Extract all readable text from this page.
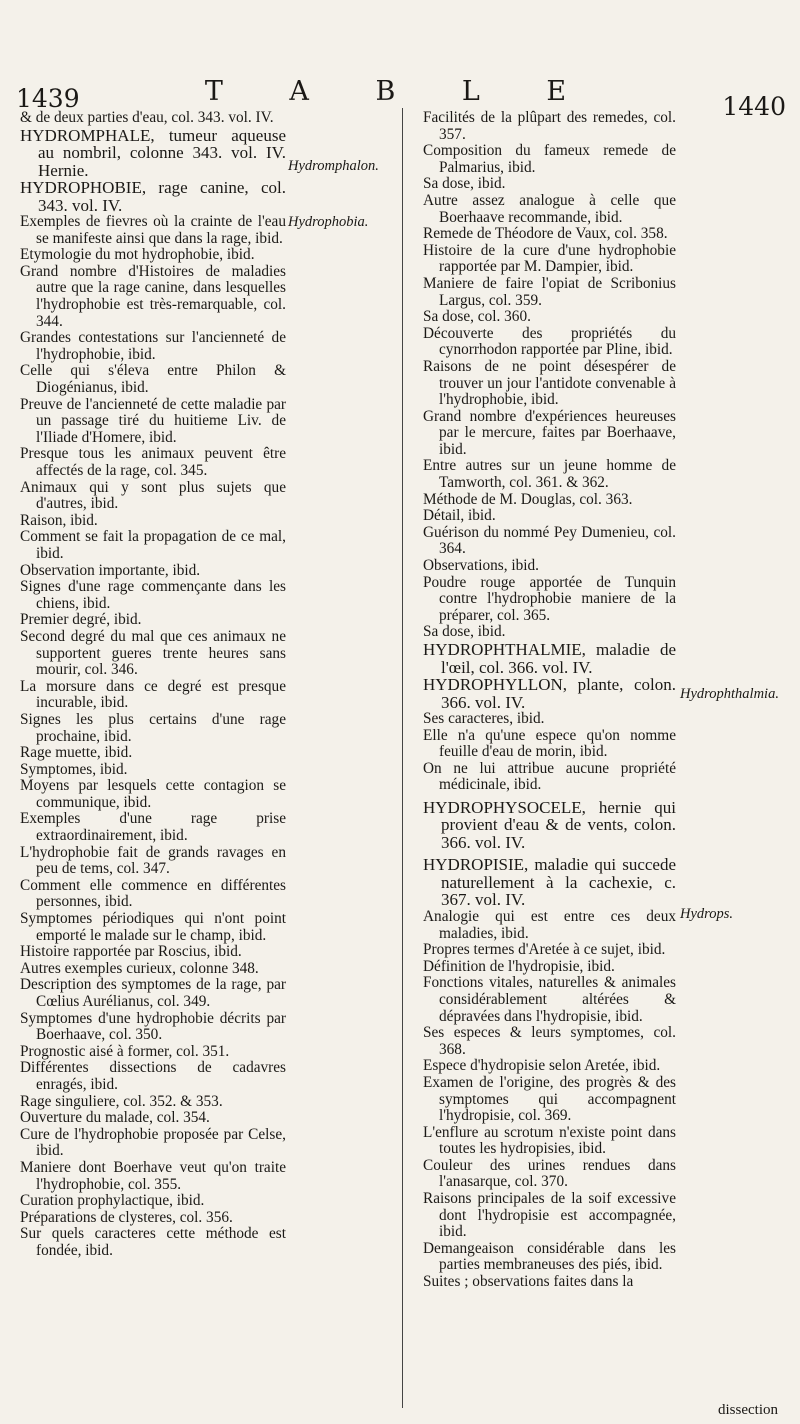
1439	T A B L E	1440

& de deux parties d'eau, col. 343. vol. IV.

HYDROMPHALE, tumeur aqueuse au nombril, colonne 343. vol. IV. Hernie.

HYDROPHOBIE, rage canine, col. 343. vol. IV.

Exemples de fievres où la crainte de l'eau se manifeste ainsi que dans la rage, ibid.

Etymologie du mot hydrophobie, ibid.

Grand nombre d'Histoires de maladies autre que la rage canine, dans lesquelles l'hydrophobie est très-remarquable, col. 344.

Grandes contestations sur l'ancienneté de l'hydrophobie, ibid.

Celle qui s'éleva entre Philon & Diogénianus, ibid.

Preuve de l'ancienneté de cette maladie par un passage tiré du huitieme Liv. de l'Iliade d'Homere, ibid.

Presque tous les animaux peuvent être affectés de la rage, col. 345.

Animaux qui y sont plus sujets que d'autres, ibid.

Raison, ibid.

Comment se fait la propagation de ce mal, ibid.

Observation importante, ibid.

Signes d'une rage commençante dans les chiens, ibid.

Premier degré, ibid.

Second degré du mal que ces animaux ne supportent gueres trente heures sans mourir, col. 346.

La morsure dans ce degré est presque incurable, ibid.

Signes les plus certains d'une rage prochaine, ibid.

Rage muette, ibid.

Symptomes, ibid.

Moyens par lesquels cette contagion se communique, ibid.

Exemples d'une rage prise extraordinairement, ibid.

L'hydrophobie fait de grands ravages en peu de tems, col. 347.

Comment elle commence en différentes personnes, ibid.

Symptomes périodiques qui n'ont point emporté le malade sur le champ, ibid.

Histoire rapportée par Roscius, ibid.

Autres exemples curieux, colonne 348.

Description des symptomes de la rage, par Cœlius Aurélianus, col. 349.

Symptomes d'une hydrophobie décrits par Boerhaave, col. 350.

Prognostic aisé à former, col. 351.

Différentes dissections de cadavres enragés, ibid.

Rage singuliere, col. 352. & 353.

Ouverture du malade, col. 354.

Cure de l'hydrophobie proposée par Celse, ibid.

Maniere dont Boerhave veut qu'on traite l'hydrophobie, col. 355.

Curation prophylactique, ibid.

Préparations de clysteres, col. 356.

Sur quels caracteres cette méthode est fondée, ibid.

Facilités de la plûpart des remedes, col. 357.

Composition du fameux remede de Palmarius, ibid.

Sa dose, ibid.

Autre assez analogue à celle que Boerhaave recommande, ibid.

Remede de Théodore de Vaux, col. 358.

Histoire de la cure d'une hydrophobie rapportée par M. Dampier, ibid.

Maniere de faire l'opiat de Scribonius Largus, col. 359.

Sa dose, col. 360.

Découverte des propriétés du cynorrhodon rapportée par Pline, ibid.

Raisons de ne point désespérer de trouver un jour l'antidote convenable à l'hydrophobie, ibid.

Grand nombre d'expériences heureuses par le mercure, faites par Boerhaave, ibid.

Entre autres sur un jeune homme de Tamworth, col. 361. & 362.

Méthode de M. Douglas, col. 363.

Détail, ibid.

Guérison du nommé Pey Dumenieu, col. 364.

Observations, ibid.

Poudre rouge apportée de Tunquin contre l'hydrophobie maniere de la préparer, col. 365.

Sa dose, ibid.

HYDROPHTHALMIE, maladie de l'œil, col. 366. vol. IV.

HYDROPHYLLON, plante, colon. 366. vol. IV.

Ses caracteres, ibid.

Elle n'a qu'une espece qu'on nomme feuille d'eau de morin, ibid.

On ne lui attribue aucune propriété médicinale, ibid.

HYDROPHYSOCELE, hernie qui provient d'eau & de vents, colon. 366. vol. IV.

HYDROPISIE, maladie qui succede naturellement à la cachexie, c. 367. vol. IV.

Analogie qui est entre ces deux maladies, ibid.

Propres termes d'Aretée à ce sujet, ibid.

Définition de l'hydropisie, ibid.

Fonctions vitales, naturelles & animales considérablement altérées & dépravées dans l'hydropisie, ibid.

Ses especes & leurs symptomes, col. 368.

Espece d'hydropisie selon Aretée, ibid.

Examen de l'origine, des progrès & des symptomes qui accompagnent l'hydropisie, col. 369.

L'enflure au scrotum n'existe point dans toutes les hydropisies, ibid.

Couleur des urines rendues dans l'anasarque, col. 370.

Raisons principales de la soif excessive dont l'hydropisie est accompagnée, ibid.

Demangeaison considérable dans les parties membraneuses des piés, ibid.

Suites ; observations faites dans la

Hydromphalon.
Hydrophobia.
Hydrophthalmia.
Hydrops.
dissection
